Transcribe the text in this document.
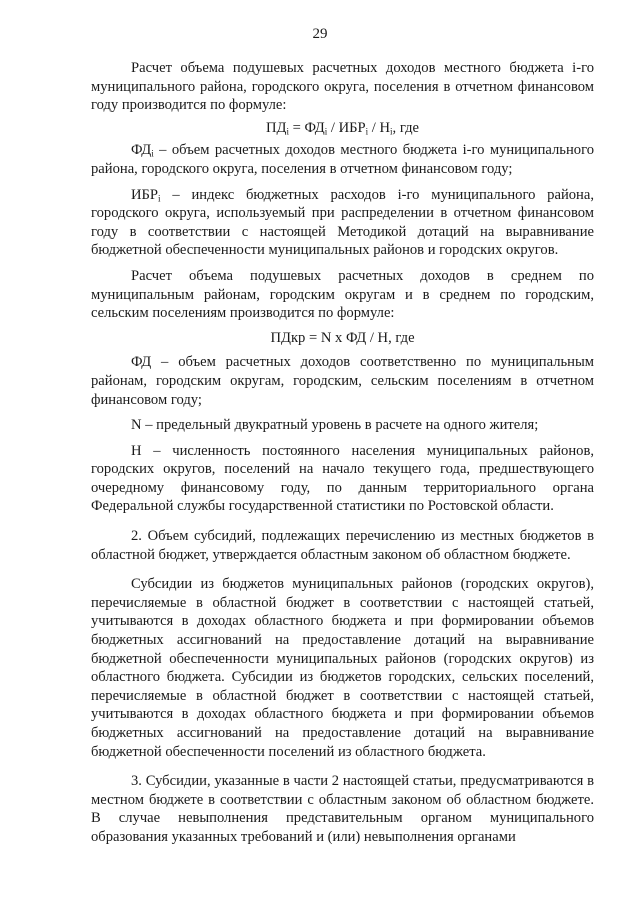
29

Расчет объема подушевых расчетных доходов местного бюджета i-го муниципального района, городского округа, поселения в отчетном финансовом году производится по формуле:

$ПД_i = ФД_i / ИБР_i / Н_i$, где

$ФД_i$ – объем расчетных доходов местного бюджета i-го муниципального района, городского округа, поселения в отчетном финансовом году;

$ИБР_i$ – индекс бюджетных расходов i-го муниципального района, городского округа, используемый при распределении в отчетном финансовом году в соответствии с настоящей Методикой дотаций на выравнивание бюджетной обеспеченности муниципальных районов и городских округов.

Расчет объема подушевых расчетных доходов в среднем по муниципальным районам, городским округам и в среднем по городским, сельским поселениям производится по формуле:

ПДкр = N x ФД / Н, где

ФД – объем расчетных доходов соответственно по муниципальным районам, городским округам, городским, сельским поселениям в отчетном финансовом году;

N – предельный двукратный уровень в расчете на одного жителя;

Н – численность постоянного населения муниципальных районов, городских округов, поселений на начало текущего года, предшествующего очередному финансовому году, по данным территориального органа Федеральной службы государственной статистики по Ростовской области.

2. Объем субсидий, подлежащих перечислению из местных бюджетов в областной бюджет, утверждается областным законом об областном бюджете.

Субсидии из бюджетов муниципальных районов (городских округов), перечисляемые в областной бюджет в соответствии с настоящей статьей, учитываются в доходах областного бюджета и при формировании объемов бюджетных ассигнований на предоставление дотаций на выравнивание бюджетной обеспеченности муниципальных районов (городских округов) из областного бюджета. Субсидии из бюджетов городских, сельских поселений, перечисляемые в областной бюджет в соответствии с настоящей статьей, учитываются в доходах областного бюджета и при формировании объемов бюджетных ассигнований на предоставление дотаций на выравнивание бюджетной обеспеченности поселений из областного бюджета.

3. Субсидии, указанные в части 2 настоящей статьи, предусматриваются в местном бюджете в соответствии с областным законом об областном бюджете. В случае невыполнения представительным органом муниципального образования указанных требований и (или) невыполнения органами
